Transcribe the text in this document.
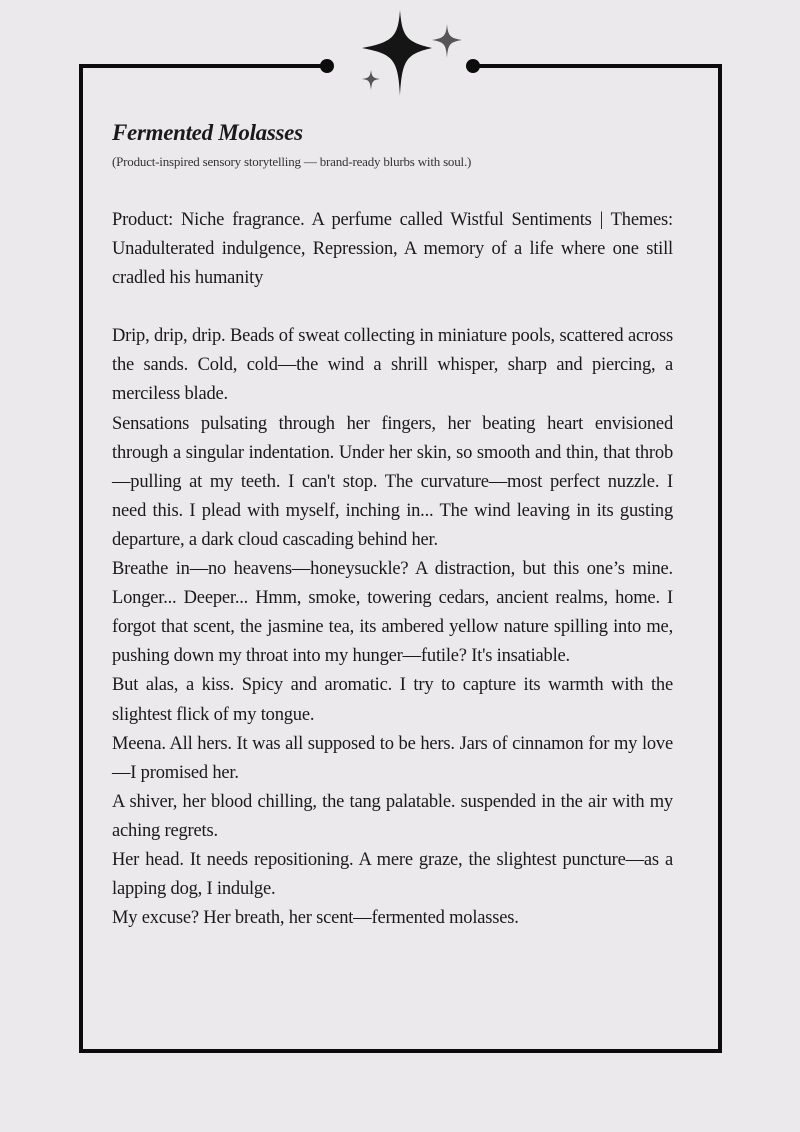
Fermented Molasses
(Product-inspired sensory storytelling — brand-ready blurbs with soul.)

Product: Niche fragrance. A perfume called Wistful Sentiments | Themes: Unadulterated indulgence, Repression, A memory of a life where one still cradled his humanity

Drip, drip, drip. Beads of sweat collecting in miniature pools, scattered across the sands. Cold, cold—the wind a shrill whisper, sharp and piercing, a merciless blade.

Sensations pulsating through her fingers, her beating heart envisioned through a singular indentation. Under her skin, so smooth and thin, that throb—pulling at my teeth. I can't stop. The curvature—most perfect nuzzle. I need this. I plead with myself, inching in... The wind leaving in its gusting departure, a dark cloud cascading behind her.

Breathe in—no heavens—honeysuckle? A distraction, but this one’s mine. Longer... Deeper... Hmm, smoke, towering cedars, ancient realms, home. I forgot that scent, the jasmine tea, its ambered yellow nature spilling into me, pushing down my throat into my hunger—futile? It's insatiable.

But alas, a kiss. Spicy and aromatic. I try to capture its warmth with the slightest flick of my tongue.

Meena. All hers. It was all supposed to be hers. Jars of cinnamon for my love—I promised her.

A shiver, her blood chilling, the tang palatable. suspended in the air with my aching regrets.

Her head. It needs repositioning. A mere graze, the slightest puncture—as a lapping dog, I indulge.

My excuse? Her breath, her scent—fermented molasses.
